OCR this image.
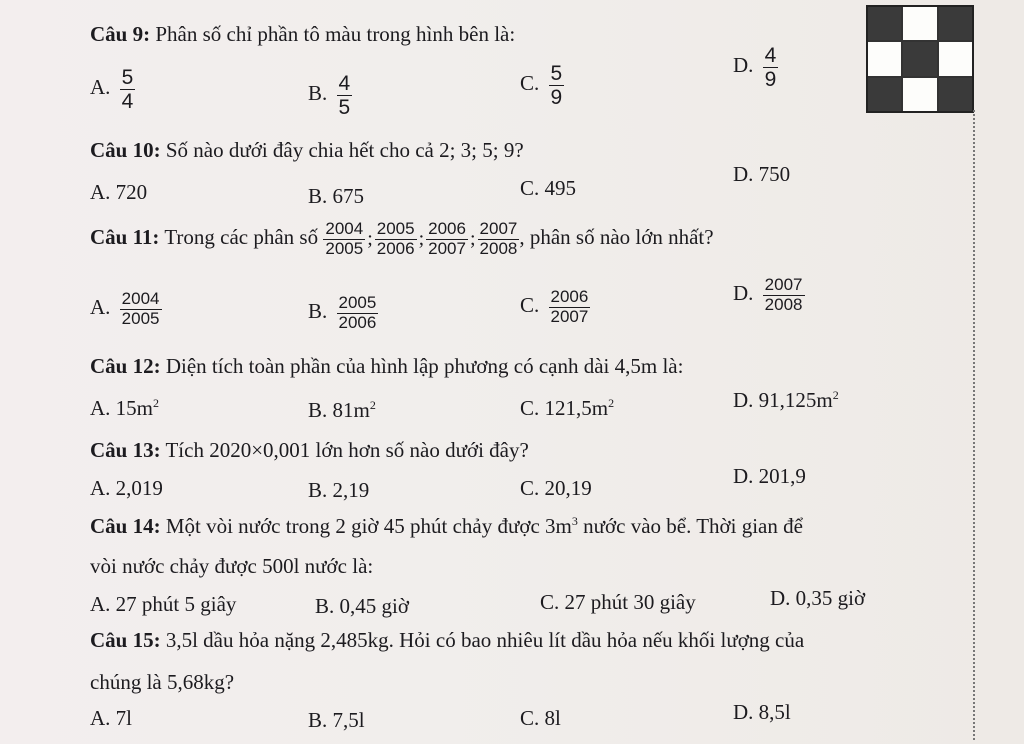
Câu 9: Phân số chỉ phần tô màu trong hình bên là:
A. $\frac{5}{4}$	B. $\frac{4}{5}$	C. $\frac{5}{9}$	D. $\frac{4}{9}$
Câu 10: Số nào dưới đây chia hết cho cả 2; 3; 5; 9?
A. 720	B. 675	C. 495
D. 750
Câu 11: Trong các phân số $\frac{2004}{2005}$ ; $\frac{2005}{2006}$ ; $\frac{2006}{2007}$ ; $\frac{2007}{2008}$ , phân số nào lớn nhất?
A. $\frac{2004}{2005}$	B. $\frac{2005}{2006}$	C. $\frac{2006}{2007}$	D. $\frac{2007}{2008}$
Câu 12: Diện tích toàn phần của hình lập phương có cạnh dài 4,5m là:
A. $15m^2$	B. $81m^2$	C. $121,5m^2$	D. $91,125m^2$
Câu 13: Tích 2020×0,001 lớn hơn số nào dưới đây?
A. 2,019	B. 2,19	C. 20,19	D. 201,9
Câu 14: Một vòi nước trong 2 giờ 45 phút chảy được $3m^3$ nước vào bể. Thời gian để
vòi nước chảy được 500l nước là:
A. 27 phút 5 giây	B. 0,45 giờ	C. 27 phút 30 giây	D. 0,35 giờ
Câu 15: 3,5l dầu hỏa nặng 2,485kg. Hỏi có bao nhiêu lít dầu hỏa nếu khối lượng của
chúng là 5,68kg?
A. 7l	B. 7,5l	C. 8l	D. 8,5l
